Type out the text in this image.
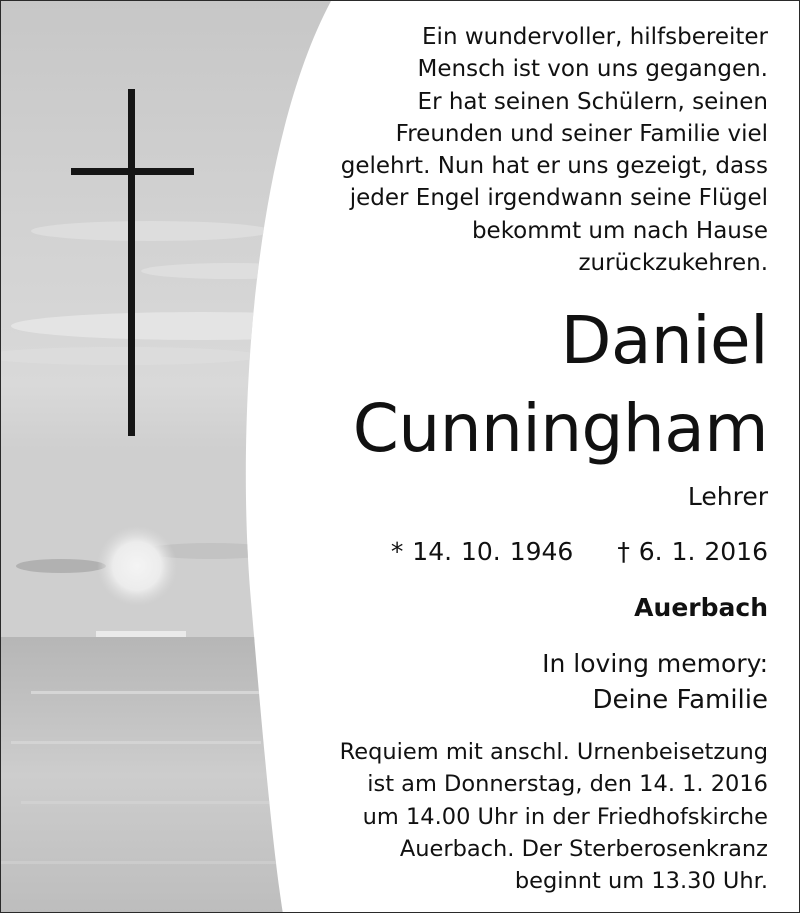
Ein wundervoller, hilfsbereiter
Mensch ist von uns gegangen.
Er hat seinen Schülern, seinen
Freunden und seiner Familie viel
gelehrt. Nun hat er uns gezeigt, dass
jeder Engel irgendwann seine Flügel
bekommt um nach Hause
zurückzukehren.
Daniel
Cunningham
Lehrer
* 14. 10. 1946 † 6. 1. 2016
Auerbach
In loving memory:
Deine Familie
Requiem mit anschl. Urnenbeisetzung
ist am Donnerstag, den 14. 1. 2016
um 14.00 Uhr in der Friedhofskirche
Auerbach. Der Sterberosenkranz
beginnt um 13.30 Uhr.
